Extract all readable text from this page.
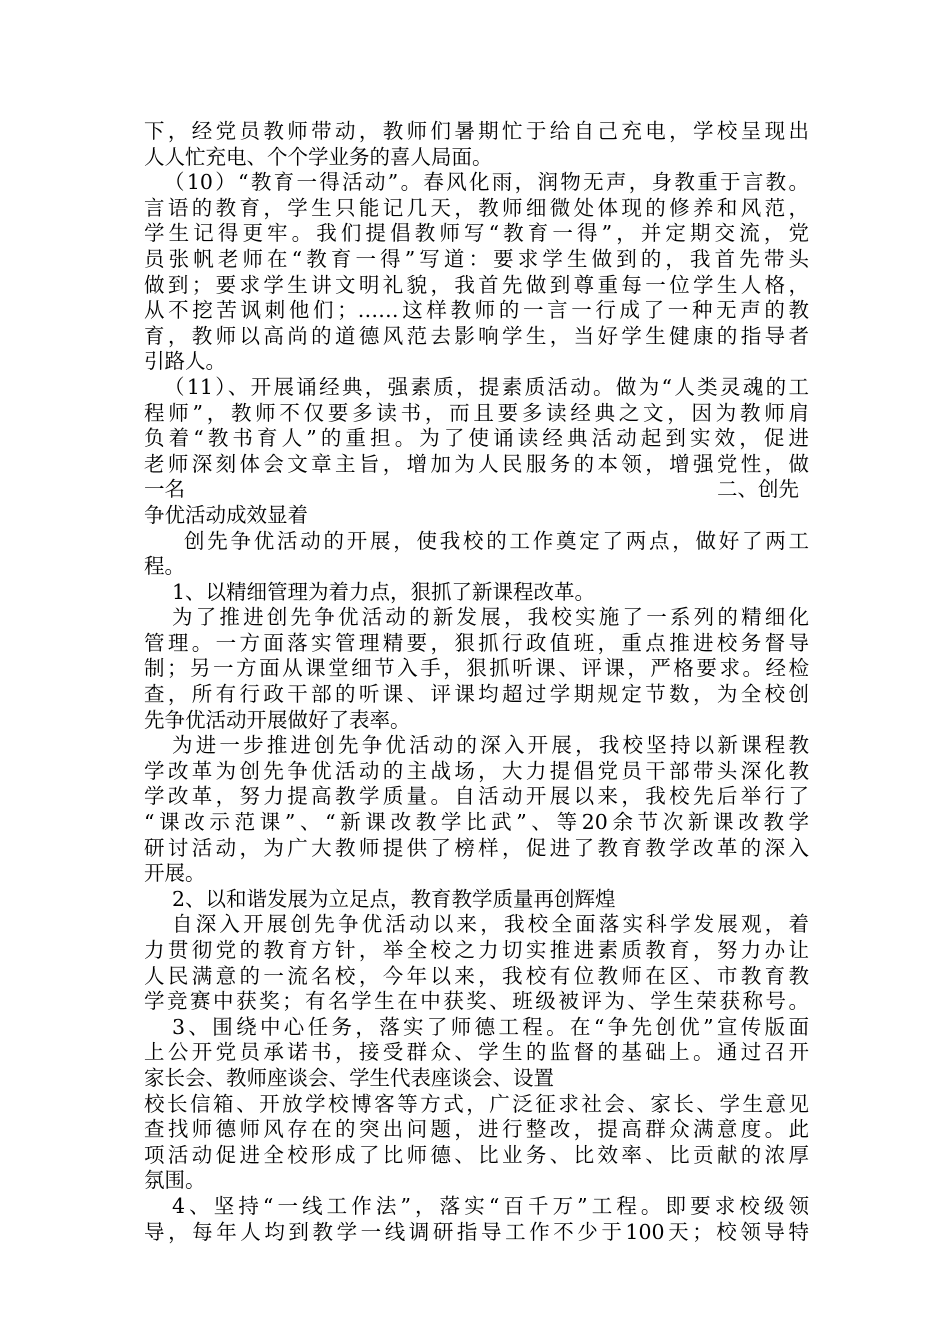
下，经党员教师带动，教师们暑期忙于给自己充电，学校呈现出
人人忙充电、个个学业务的喜人局面。
（10）“教育一得活动”。春风化雨，润物无声，身教重于言教。
言语的教育，学生只能记几天，教师细微处体现的修养和风范，
学生记得更牢。我们提倡教师写“教育一得”，并定期交流，党
员张帆老师在“教育一得”写道：要求学生做到的，我首先带头
做到；要求学生讲文明礼貌，我首先做到尊重每一位学生人格，
从不挖苦讽刺他们；……这样教师的一言一行成了一种无声的教
育，教师以高尚的道德风范去影响学生，当好学生健康的指导者
引路人。
（11）、开展诵经典，强素质，提素质活动。做为“人类灵魂的工
程师”，教师不仅要多读书，而且要多读经典之文，因为教师肩
负着“教书育人”的重担。为了使诵读经典活动起到实效，促进
老师深刻体会文章主旨，增加为人民服务的本领，增强党性，做
一名	二、创先
争优活动成效显着
创先争优活动的开展，使我校的工作奠定了两点，做好了两工
程。
1、以精细管理为着力点，狠抓了新课程改革。
为了推进创先争优活动的新发展，我校实施了一系列的精细化
管理。一方面落实管理精要，狠抓行政值班，重点推进校务督导
制；另一方面从课堂细节入手，狠抓听课、评课，严格要求。经检
查，所有行政干部的听课、评课均超过学期规定节数，为全校创
先争优活动开展做好了表率。
为进一步推进创先争优活动的深入开展，我校坚持以新课程教
学改革为创先争优活动的主战场，大力提倡党员干部带头深化教
学改革，努力提高教学质量。自活动开展以来，我校先后举行了
“课改示范课”、“新课改教学比武”、等20余节次新课改教学
研讨活动，为广大教师提供了榜样，促进了教育教学改革的深入
开展。
2、以和谐发展为立足点，教育教学质量再创辉煌
自深入开展创先争优活动以来，我校全面落实科学发展观，着
力贯彻党的教育方针，举全校之力切实推进素质教育，努力办让
人民满意的一流名校，今年以来，我校有位教师在区、市教育教
学竞赛中获奖；有名学生在中获奖、班级被评为、学生荣获称号。
3、围绕中心任务，落实了师德工程。在“争先创优”宣传版面
上公开党员承诺书，接受群众、学生的监督的基础上。通过召开
家长会、教师座谈会、学生代表座谈会、设置
校长信箱、开放学校博客等方式，广泛征求社会、家长、学生意见
查找师德师风存在的突出问题，进行整改，提高群众满意度。此
项活动促进全校形成了比师德、比业务、比效率、比贡献的浓厚
氛围。
4、坚持“一线工作法”，落实“百千万”工程。即要求校级领
导，每年人均到教学一线调研指导工作不少于100天；校领导特
